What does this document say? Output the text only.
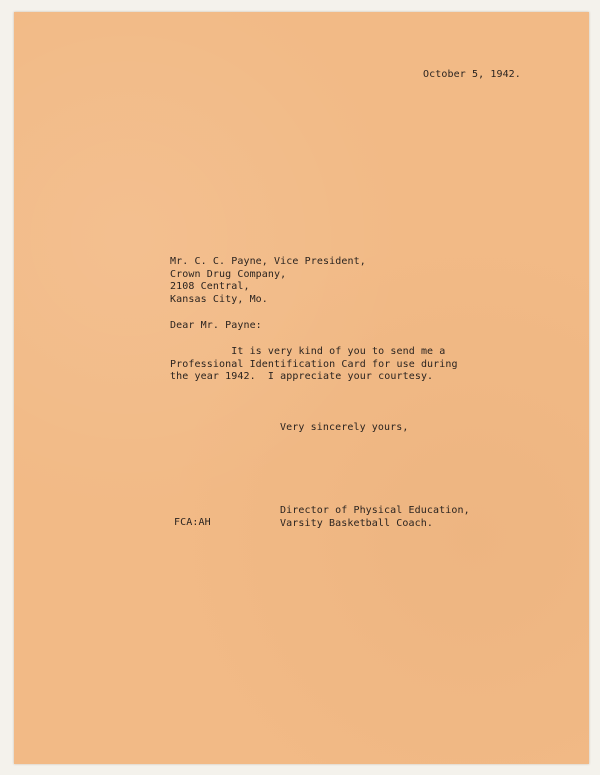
October 5, 1942.
Mr. C. C. Payne, Vice President,
Crown Drug Company,
2108 Central,
Kansas City, Mo.
Dear Mr. Payne:
It is very kind of you to send me a
Professional Identification Card for use during
the year 1942.  I appreciate your courtesy.
Very sincerely yours,
Director of Physical Education,
Varsity Basketball Coach.
FCA:AH
